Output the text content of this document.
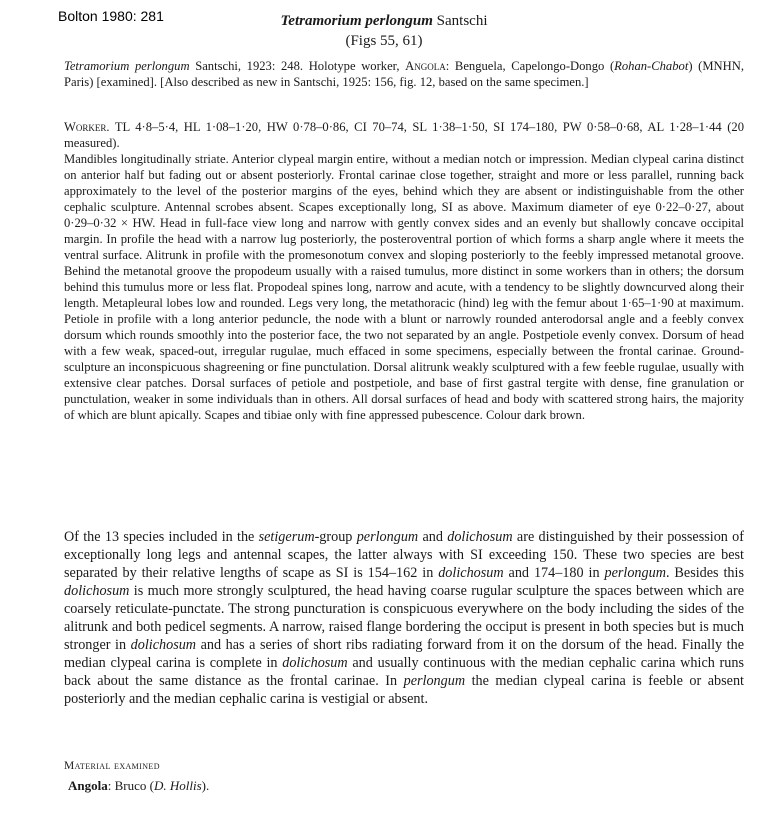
Bolton 1980: 281	Tetramorium perlongum Santschi
(Figs 55, 61)
Tetramorium perlongum Santschi, 1923: 248. Holotype worker, Angola: Benguela, Capelongo-Dongo (Rohan-Chabot) (MNHN, Paris) [examined]. [Also described as new in Santschi, 1925: 156, fig. 12, based on the same specimen.]
Worker. TL 4·8–5·4, HL 1·08–1·20, HW 0·78–0·86, CI 70–74, SL 1·38–1·50, SI 174–180, PW 0·58–0·68, AL 1·28–1·44 (20 measured).
Mandibles longitudinally striate. Anterior clypeal margin entire, without a median notch or impression. Median clypeal carina distinct on anterior half but fading out or absent posteriorly. Frontal carinae close together, straight and more or less parallel, running back approximately to the level of the posterior margins of the eyes, behind which they are absent or indistinguishable from the other cephalic sculpture. Antennal scrobes absent. Scapes exceptionally long, SI as above. Maximum diameter of eye 0·22–0·27, about 0·29–0·32 × HW. Head in full-face view long and narrow with gently convex sides and an evenly but shallowly concave occipital margin. In profile the head with a narrow lug posteriorly, the posteroventral portion of which forms a sharp angle where it meets the ventral surface. Alitrunk in profile with the promesonotum convex and sloping posteriorly to the feebly impressed metanotal groove. Behind the metanotal groove the propodeum usually with a raised tumulus, more distinct in some workers than in others; the dorsum behind this tumulus more or less flat. Propodeal spines long, narrow and acute, with a tendency to be slightly downcurved along their length. Metapleural lobes low and rounded. Legs very long, the metathoracic (hind) leg with the femur about 1·65–1·90 at maximum. Petiole in profile with a long anterior peduncle, the node with a blunt or narrowly rounded anterodorsal angle and a feebly convex dorsum which rounds smoothly into the posterior face, the two not separated by an angle. Postpetiole evenly convex. Dorsum of head with a few weak, spaced-out, irregular rugulae, much effaced in some specimens, especially between the frontal carinae. Ground-sculpture an inconspicuous shagreening or fine punctulation. Dorsal alitrunk weakly sculptured with a few feeble rugulae, usually with extensive clear patches. Dorsal surfaces of petiole and postpetiole, and base of first gastral tergite with dense, fine granulation or punctulation, weaker in some individuals than in others. All dorsal surfaces of head and body with scattered strong hairs, the majority of which are blunt apically. Scapes and tibiae only with fine appressed pubescence. Colour dark brown.
Of the 13 species included in the setigerum-group perlongum and dolichosum are distinguished by their possession of exceptionally long legs and antennal scapes, the latter always with SI exceeding 150. These two species are best separated by their relative lengths of scape as SI is 154–162 in dolichosum and 174–180 in perlongum. Besides this dolichosum is much more strongly sculptured, the head having coarse rugular sculpture the spaces between which are coarsely reticulate-punctate. The strong puncturation is conspicuous everywhere on the body including the sides of the alitrunk and both pedicel segments. A narrow, raised flange bordering the occiput is present in both species but is much stronger in dolichosum and has a series of short ribs radiating forward from it on the dorsum of the head. Finally the median clypeal carina is complete in dolichosum and usually continuous with the median cephalic carina which runs back about the same distance as the frontal carinae. In perlongum the median clypeal carina is feeble or absent posteriorly and the median cephalic carina is vestigial or absent.
Material examined
Angola: Bruco (D. Hollis).
